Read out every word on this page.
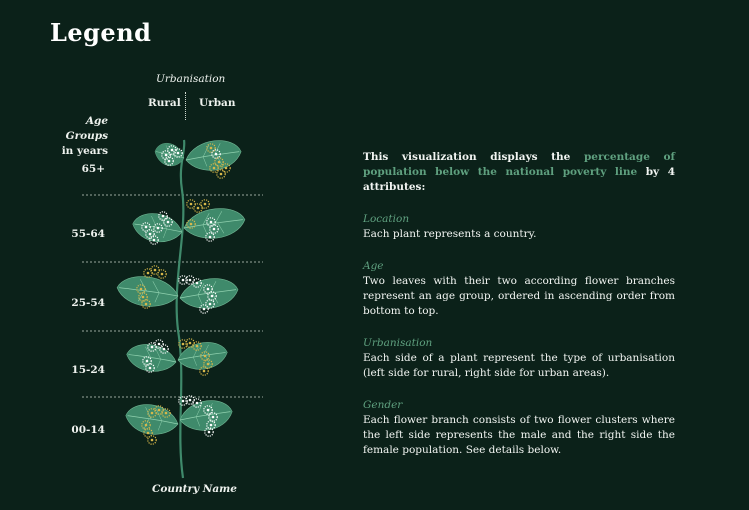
Legend
Urbanisation
Rural Urban
Age Groups
in years
65+
55-64
25-54
15-24
00-14
Country Name

This visualization displays the percentage of population below the national poverty line by 4 attributes:

Location

Each plant represents a country.

Age

Two leaves with their two according flower branches represent an age group, ordered in ascending order from bottom to top.

Urbanisation

Each side of a plant represent the type of urbanisation (left side for rural, right side for urban areas).

Gender

Each flower branch consists of two flower clusters where the left side represents the male and the right side the female population. See details below.
